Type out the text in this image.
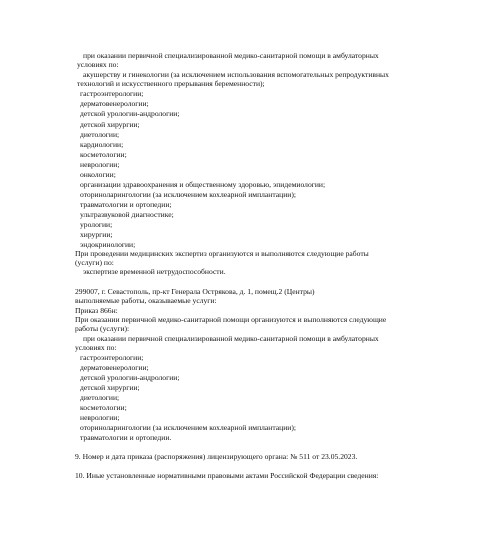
при оказании первичной специализированной медико-санитарной помощи в амбулаторных
условиях по:
акушерству и гинекологии (за исключением использования вспомогательных репродуктивных
технологий и искусственного прерывания беременности);
гастроэнтерологии;
дерматовенерологии;
детской урологии-андрологии;
детской хирургии;
диетологии;
кардиологии;
косметологии;
неврологии;
онкологии;
организации здравоохранения и общественному здоровью, эпидемиологии;
оториноларингологии (за исключением кохлеарной имплантации);
травматологии и ортопедии;
ультразвуковой диагностике;
урологии;
хирургии;
эндокринологии;
При проведении медицинских экспертиз организуются и выполняются следующие работы
(услуги) по:
экспертизе временной нетрудоспособности.
299007, г. Севастополь, пр-кт Генерала Острякова, д. 1, помещ.2 (Центры)
выполняемые работы, оказываемые услуги:
Приказ 866н:
При оказании первичной медико-санитарной помощи организуются и выполняются следующие
работы (услуги):
при оказании первичной специализированной медико-санитарной помощи в амбулаторных
условиях по:
гастроэнтерологии;
дерматовенерологии;
детской урологии-андрологии;
детской хирургии;
диетологии;
косметологии;
неврологии;
оториноларингологии (за исключением кохлеарной имплантации);
травматологии и ортопедии.
9. Номер и дата приказа (распоряжения) лицензирующего органа: № 511 от 23.05.2023.
10. Иные установленные нормативными правовыми актами Российской Федерации сведения:
